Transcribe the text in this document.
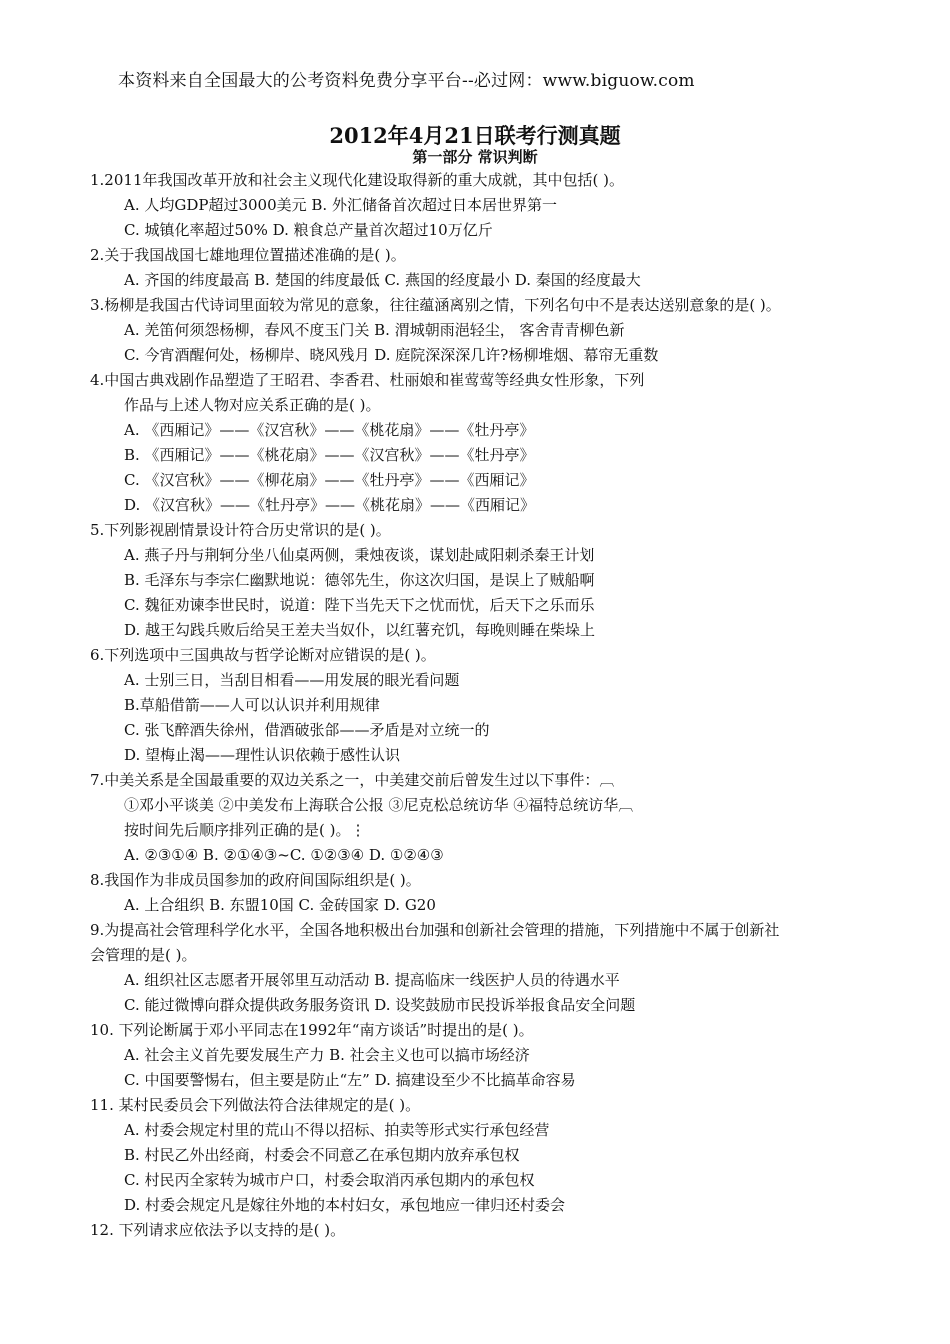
本资料来自全国最大的公考资料免费分享平台--必过网：www.biguow.com
2012年4月21日联考行测真题
第一部分 常识判断
1.2011年我国改革开放和社会主义现代化建设取得新的重大成就，其中包括( )。
A. 人均GDP超过3000美元 B. 外汇储备首次超过日本居世界第一
C. 城镇化率超过50% D. 粮食总产量首次超过10万亿斤
2.关于我国战国七雄地理位置描述准确的是( )。
A. 齐国的纬度最高 B. 楚国的纬度最低 C. 燕国的经度最小 D. 秦国的经度最大
3.杨柳是我国古代诗词里面较为常见的意象，往往蕴涵离别之情，下列名句中不是表达送别意象的是( )。
A. 羌笛何须怨杨柳，春风不度玉门关 B. 渭城朝雨浥轻尘， 客舍青青柳色新
C. 今宵酒醒何处，杨柳岸、晓风残月 D. 庭院深深深几许?杨柳堆烟、幕帘无重数
4.中国古典戏剧作品塑造了王昭君、李香君、杜丽娘和崔莺莺等经典女性形象，下列
作品与上述人物对应关系正确的是( )。
A. 《西厢记》——《汉宫秋》——《桃花扇》——《牡丹亭》
B. 《西厢记》——《桃花扇》——《汉宫秋》——《牡丹亭》
C. 《汉宫秋》——《柳花扇》——《牡丹亭》——《西厢记》
D. 《汉宫秋》——《牡丹亭》——《桃花扇》——《西厢记》
5.下列影视剧情景设计符合历史常识的是( )。
A. 燕子丹与荆轲分坐八仙桌两侧，秉烛夜谈，谋划赴咸阳刺杀秦王计划
B. 毛泽东与李宗仁幽默地说：德邻先生，你这次归国，是误上了贼船啊
C. 魏征劝谏李世民时，说道：陛下当先天下之忧而忧，后天下之乐而乐
D. 越王勾践兵败后给吴王差夫当奴仆，以红薯充饥，每晚则睡在柴垛上
6.下列选项中三国典故与哲学论断对应错误的是( )。
A. 士别三日，当刮目相看——用发展的眼光看问题
B.草船借箭——人可以认识并利用规律
C. 张飞醉酒失徐州，借酒破张郃——矛盾是对立统一的
D. 望梅止渴——理性认识依赖于感性认识
7.中美关系是全国最重要的双边关系之一，中美建交前后曾发生过以下事件：︹
①邓小平谈美 ②中美发布上海联合公报 ③尼克松总统访华 ④福特总统访华︹
按时间先后顺序排列正确的是( )。⋮
A. ②③①④ B. ②①④③~C. ①②③④ D. ①②④③
8.我国作为非成员国参加的政府间国际组织是( )。
A. 上合组织 B. 东盟10国 C. 金砖国家 D. G20
9.为提高社会管理科学化水平，全国各地积极出台加强和创新社会管理的措施，下列措施中不属于创新社
会管理的是( )。
A. 组织社区志愿者开展邻里互动活动 B. 提高临床一线医护人员的待遇水平
C. 能过微博向群众提供政务服务资讯 D. 设奖鼓励市民投诉举报食品安全问题
10. 下列论断属于邓小平同志在1992年“南方谈话”时提出的是( )。
A. 社会主义首先要发展生产力 B. 社会主义也可以搞市场经济
C. 中国要警惕右，但主要是防止“左” D. 搞建设至少不比搞革命容易
11. 某村民委员会下列做法符合法律规定的是( )。
A. 村委会规定村里的荒山不得以招标、拍卖等形式实行承包经营
B. 村民乙外出经商，村委会不同意乙在承包期内放弃承包权
C. 村民丙全家转为城市户口，村委会取消丙承包期内的承包权
D. 村委会规定凡是嫁往外地的本村妇女，承包地应一律归还村委会
12. 下列请求应依法予以支持的是( )。
